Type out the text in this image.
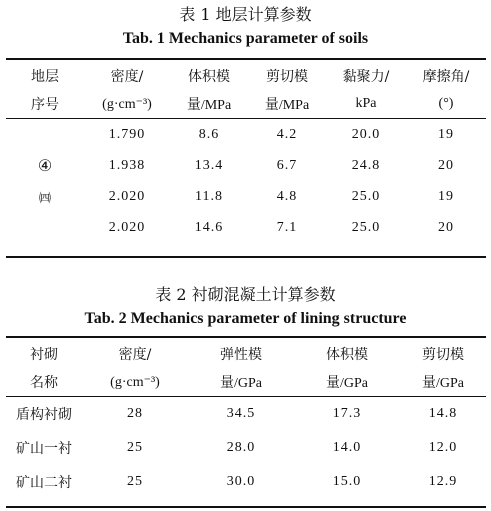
表 1 地层计算参数
Tab. 1 Mechanics parameter of soils
地层	密度/	体积模	剪切模	黏聚力/	摩擦角/
序号	(g·cm⁻³)	量/MPa	量/MPa	kPa	(°)

④
㈣	1.790	8.6	4.2	20.0	19
	1.938	13.4	6.7	24.8	20
	2.020	11.8	4.8	25.0	19
	2.020	14.6	7.1	25.0	20
表 2 衬砌混凝土计算参数
Tab. 2 Mechanics parameter of lining structure
衬砌	密度/	弹性模	体积模	剪切模
名称	(g·cm⁻³)	量/GPa	量/GPa	量/GPa

盾构衬砌	28	34.5	17.3	14.8
矿山一衬	25	28.0	14.0	12.0
矿山二衬	25	30.0	15.0	12.9
